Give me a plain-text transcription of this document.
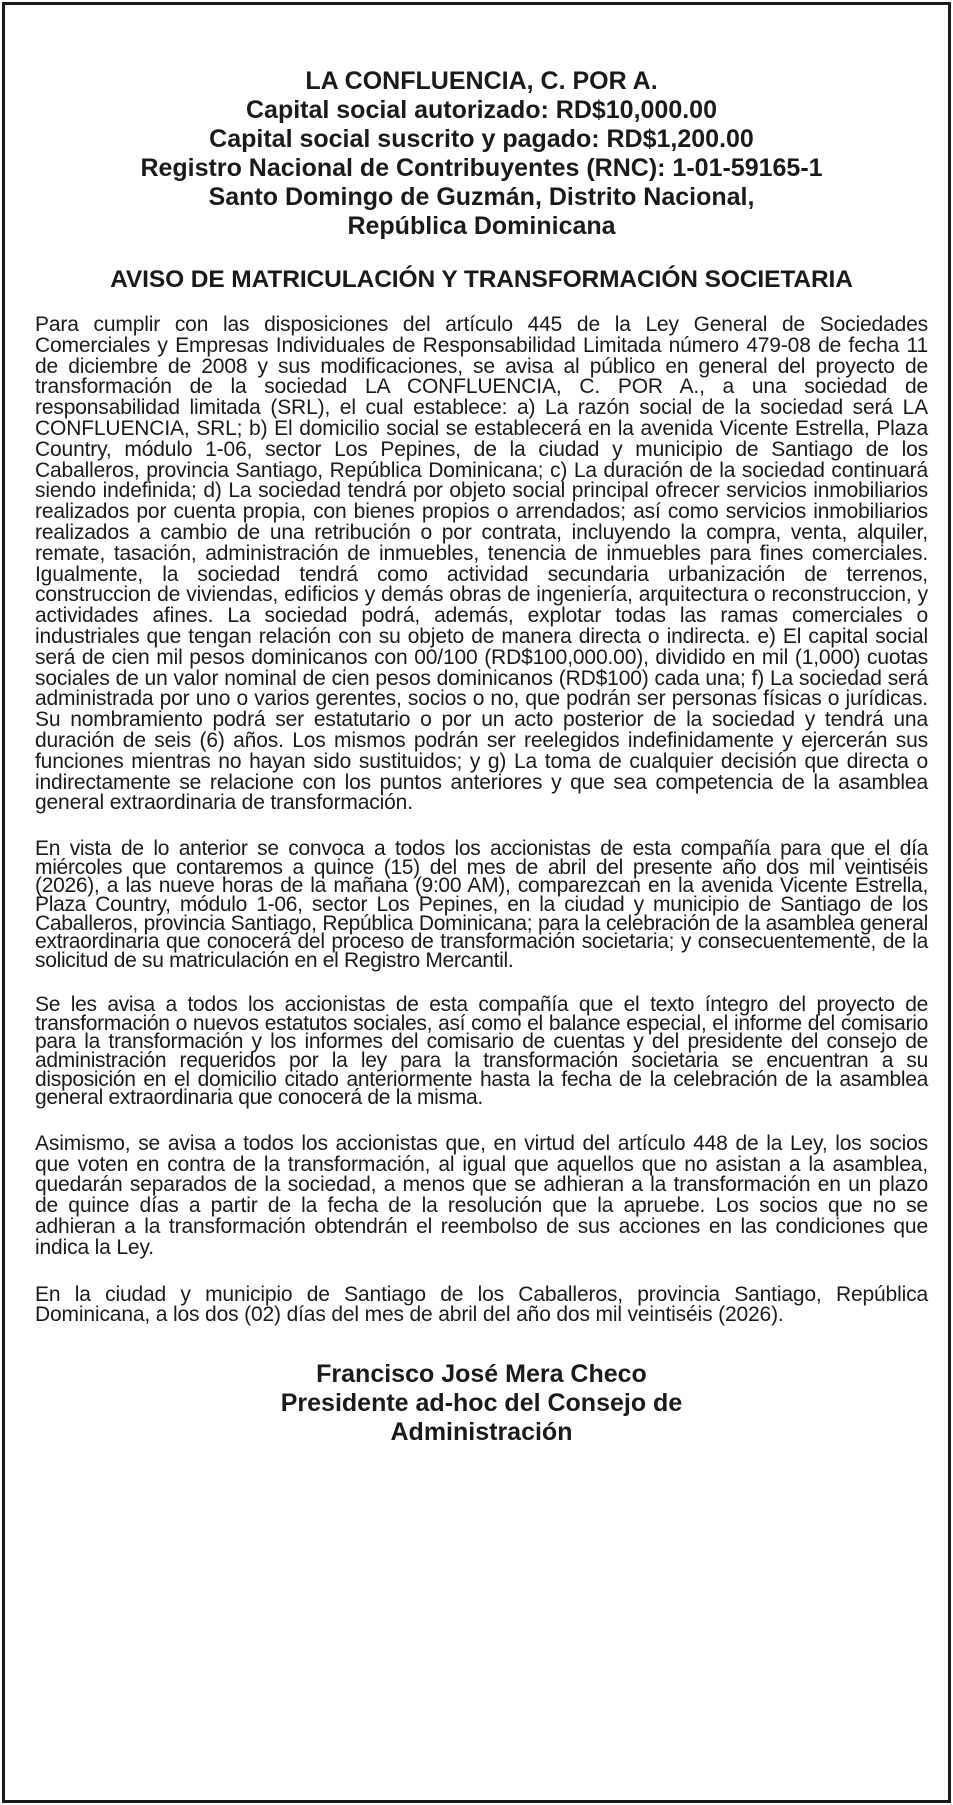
LA CONFLUENCIA, C. POR A.
Capital social autorizado: RD$10,000.00
Capital social suscrito y pagado: RD$1,200.00
Registro Nacional de Contribuyentes (RNC): 1-01-59165-1
Santo Domingo de Guzmán, Distrito Nacional,
República Dominicana
AVISO DE MATRICULACIÓN Y TRANSFORMACIÓN SOCIETARIA

Para cumplir con las disposiciones del artículo 445 de la Ley General de Sociedades Comerciales y Empresas Individuales de Responsabilidad Limitada número 479-08 de fecha 11 de diciembre de 2008 y sus modificaciones, se avisa al público en general del proyecto de transformación de la sociedad LA CONFLUENCIA, C. POR A., a una sociedad de responsabilidad limitada (SRL), el cual establece: a) La razón social de la sociedad será LA CONFLUENCIA, SRL; b) El domicilio social se establecerá en la avenida Vicente Estrella, Plaza Country, módulo 1-06, sector Los Pepines, de la ciudad y municipio de Santiago de los Caballeros, provincia Santiago, República Dominicana; c) La duración de la sociedad continuará siendo indefinida; d) La sociedad tendrá por objeto social principal ofrecer servicios inmobiliarios realizados por cuenta propia, con bienes propios o arrendados; así como servicios inmobiliarios realizados a cambio de una retribución o por contrata, incluyendo la compra, venta, alquiler, remate, tasación, administración de inmuebles, tenencia de inmuebles para fines comerciales. Igualmente, la sociedad tendrá como actividad secundaria urbanización de terrenos, construccion de viviendas, edificios y demás obras de ingeniería, arquitectura o reconstruccion, y actividades afines. La sociedad podrá, además, explotar todas las ramas comerciales o industriales que tengan relación con su objeto de manera directa o indirecta. e) El capital social será de cien mil pesos dominicanos con 00/100 (RD$100,000.00), dividido en mil (1,000) cuotas sociales de un valor nominal de cien pesos dominicanos (RD$100) cada una; f) La sociedad será administrada por uno o varios gerentes, socios o no, que podrán ser personas físicas o jurídicas. Su nombramiento podrá ser estatutario o por un acto posterior de la sociedad y tendrá una duración de seis (6) años. Los mismos podrán ser reelegidos indefinidamente y ejercerán sus funciones mientras no hayan sido sustituidos; y g) La toma de cualquier decisión que directa o indirectamente se relacione con los puntos anteriores y que sea competencia de la asamblea general extraordinaria de transformación.

En vista de lo anterior se convoca a todos los accionistas de esta compañía para que el día miércoles que contaremos a quince (15) del mes de abril del presente año dos mil veintiséis (2026), a las nueve horas de la mañana (9:00 AM), comparezcan en la avenida Vicente Estrella, Plaza Country, módulo 1-06, sector Los Pepines, en la ciudad y municipio de Santiago de los Caballeros, provincia Santiago, República Dominicana; para la celebración de la asamblea general extraordinaria que conocerá del proceso de transformación societaria; y consecuentemente, de la solicitud de su matriculación en el Registro Mercantil.

Se les avisa a todos los accionistas de esta compañía que el texto íntegro del proyecto de transformación o nuevos estatutos sociales, así como el balance especial, el informe del comisario para la transformación y los informes del comisario de cuentas y del presidente del consejo de administración requeridos por la ley para la transformación societaria se encuentran a su disposición en el domicilio citado anteriormente hasta la fecha de la celebración de la asamblea general extraordinaria que conocerá de la misma.

Asimismo, se avisa a todos los accionistas que, en virtud del artículo 448 de la Ley, los socios que voten en contra de la transformación, al igual que aquellos que no asistan a la asamblea, quedarán separados de la sociedad, a menos que se adhieran a la transformación en un plazo de quince días a partir de la fecha de la resolución que la apruebe. Los socios que no se adhieran a la transformación obtendrán el reembolso de sus acciones en las condiciones que indica la Ley.

En la ciudad y municipio de Santiago de los Caballeros, provincia Santiago, República Dominicana, a los dos (02) días del mes de abril del año dos mil veintiséis (2026).

Francisco José Mera Checo
Presidente ad-hoc del Consejo de
Administración
